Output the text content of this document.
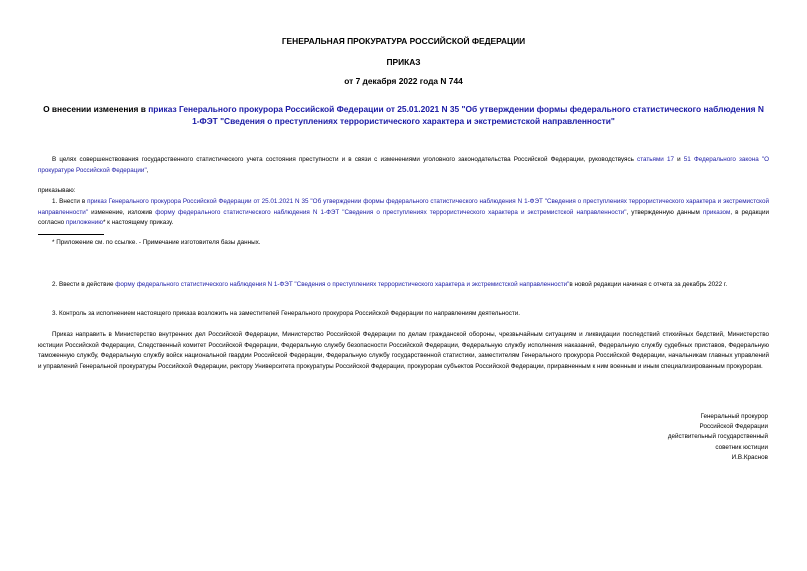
ГЕНЕРАЛЬНАЯ ПРОКУРАТУРА РОССИЙСКОЙ ФЕДЕРАЦИИ
ПРИКАЗ
от 7 декабря 2022 года N 744
О внесении изменения в приказ Генерального прокурора Российской Федерации от 25.01.2021 N 35 "Об утверждении формы федерального статистического наблюдения N 1-ФЭТ "Сведения о преступлениях террористического характера и экстремистской направленности"
В целях совершенствования государственного статистического учета состояния преступности и в связи с изменениями уголовного законодательства Российской Федерации, руководствуясь статьями 17 и 51 Федерального закона "О прокуратуре Российской Федерации",
приказываю:
1. Внести в приказ Генерального прокурора Российской Федерации от 25.01.2021 N 35 "Об утверждении формы федерального статистического наблюдения N 1-ФЭТ "Сведения о преступлениях террористического характера и экстремистской направленности" изменение, изложив форму федерального статистического наблюдения N 1-ФЭТ "Сведения о преступлениях террористического характера и экстремистской направленности", утвержденную данным приказом, в редакции согласно приложению* к настоящему приказу.
* Приложение см. по ссылке. - Примечание изготовителя базы данных.
2. Ввести в действие форму федерального статистического наблюдения N 1-ФЭТ "Сведения о преступлениях террористического характера и экстремистской направленности"в новой редакции начиная с отчета за декабрь 2022 г.
3. Контроль за исполнением настоящего приказа возложить на заместителей Генерального прокурора Российской Федерации по направлениям деятельности.
Приказ направить в Министерство внутренних дел Российской Федерации, Министерство Российской Федерации по делам гражданской обороны, чрезвычайным ситуациям и ликвидации последствий стихийных бедствий, Министерство юстиции Российской Федерации, Следственный комитет Российской Федерации, Федеральную службу безопасности Российской Федерации, Федеральную службу исполнения наказаний, Федеральную службу судебных приставов, Федеральную таможенную службу, Федеральную службу войск национальной гвардии Российской Федерации, Федеральную службу государственной статистики, заместителям Генерального прокурора Российской Федерации, начальникам главных управлений и управлений Генеральной прокуратуры Российской Федерации, ректору Университета прокуратуры Российской Федерации, прокурорам субъектов Российской Федерации, приравненным к ним военным и иным специализированным прокурорам.
Генеральный прокурор
Российской Федерации
действительный государственный
советник юстиции
И.В.Краснов
